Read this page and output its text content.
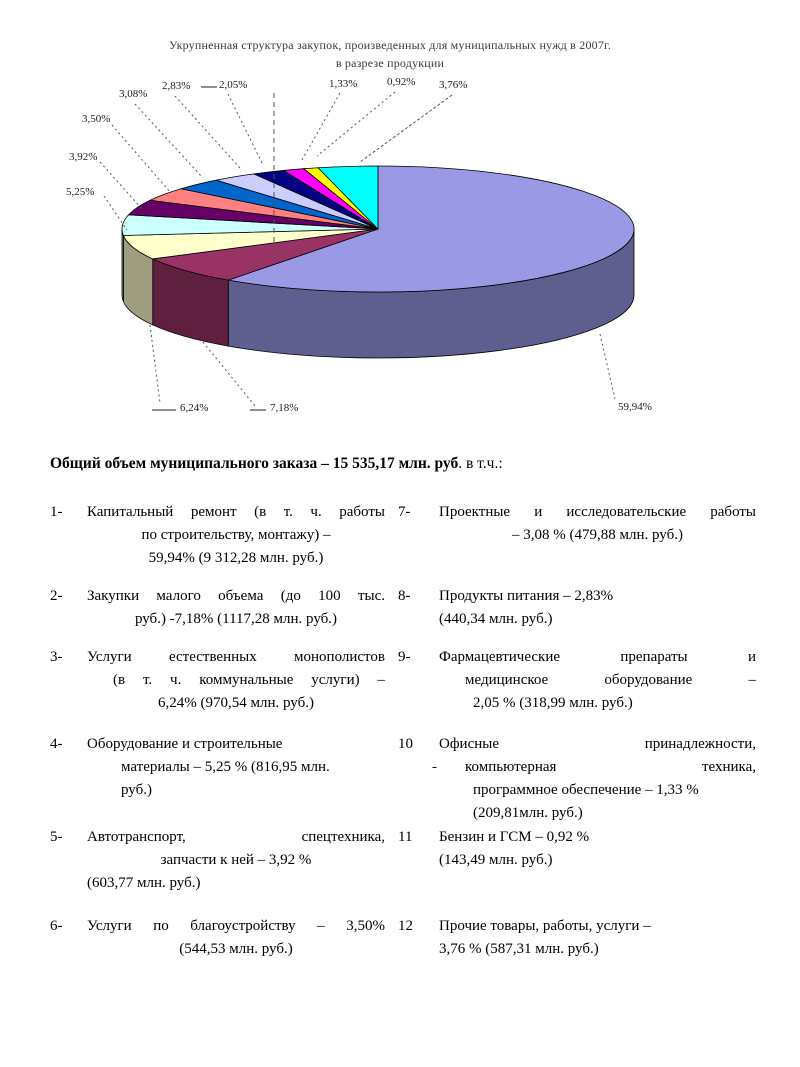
Укрупненная структура закупок, произведенных для муниципальных нужд в 2007г.
в разрезе продукции
59,94%
7,18%
6,24%
5,25%
3,92%
3,50%
3,08%
2,83%	2,05%	1,33%	0,92% 3,76%
Общий объем муниципального заказа – 15 535,17 млн. руб. в т.ч.:
1-	Капитальный ремонт (в т. ч. работы
по строительству, монтажу) –
59,94% (9 312,28 млн. руб.)
2-	Закупки малого объема (до 100 тыс.
руб.) -7,18% (1117,28 млн. руб.)
3-	Услуги естественных монополистов
(в т. ч. коммунальные услуги) –
6,24% (970,54 млн. руб.)
4-	Оборудование и строительные
материалы – 5,25 % (816,95 млн.
руб.)
5-	Автотранспорт, спецтехника,
запчасти к ней – 3,92 %
(603,77 млн. руб.)
6-	Услуги по благоустройству – 3,50%
(544,53 млн. руб.)
7-	Проектные и исследовательские работы
– 3,08 % (479,88 млн. руб.)
8-	Продукты питания – 2,83%
(440,34 млн. руб.)
9-	Фармацевтические препараты и
медицинское оборудование –
2,05 % (318,99 млн. руб.)
10
-
Офисные принадлежности,
компьютерная техника,
программное обеспечение – 1,33 %
(209,81млн. руб.)
11	Бензин и ГСМ – 0,92 %
(143,49 млн. руб.)
12	Прочие товары, работы, услуги –
3,76 % (587,31 млн. руб.)
